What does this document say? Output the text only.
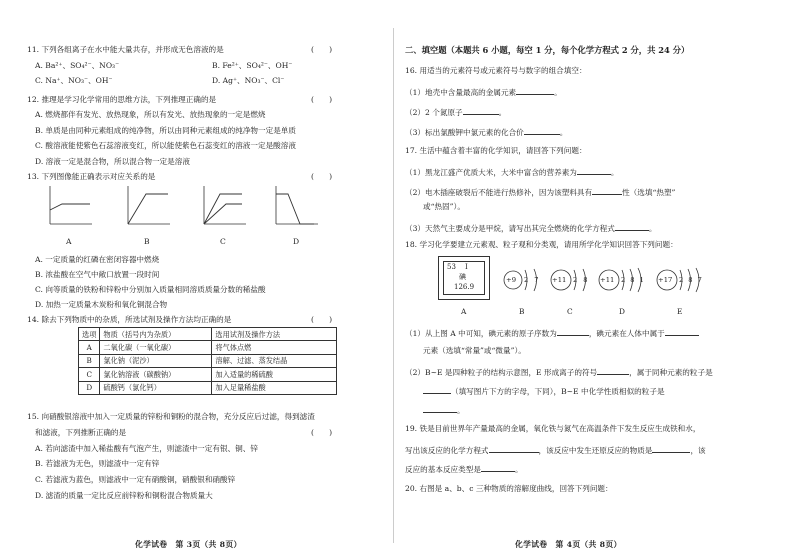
11. 下列各组离子在水中能大量共存，并形成无色溶液的是	(　　)
A. Ba²⁺、SO₄²⁻、NO₃⁻	B. Fe²⁺、SO₄²⁻、OH⁻
C. Na⁺、NO₃⁻、OH⁻	D. Ag⁺、NO₃⁻、Cl⁻
12. 推理是学习化学常用的思维方法，下列推理正确的是	(　　)
A. 燃烧都伴有发光、放热现象，所以有发光、放热现象的一定是燃烧
B. 单质是由同种元素组成的纯净物，所以由同种元素组成的纯净物一定是单质
C. 酸溶液能使紫色石蕊溶液变红，所以能使紫色石蕊变红的溶液一定是酸溶液
D. 溶液一定是混合物，所以混合物一定是溶液
13. 下列图像能正确表示对应关系的是	(　　)
A	B	C	D
A. 一定质量的红磷在密闭容器中燃烧
B. 浓盐酸在空气中敞口放置一段时间
C. 向等质量的铁粉和锌粉中分别加入质量相同溶质质量分数的稀盐酸
D. 加热一定质量木炭粉和氧化铜混合物
14. 除去下列物质中的杂质，所选试剂及操作方法均正确的是	(　　)
选项	物质（括号内为杂质）	选用试剂及操作方法
A	二氧化碳（一氧化碳）	将气体点燃
B	氯化钠（泥沙）	溶解、过滤、蒸发结晶
C	氯化钠溶液（碳酸钠）	加入适量的稀硫酸
D	硫酸钙（氯化钙）	加入足量稀盐酸
15. 向硝酸银溶液中加入一定质量的锌粉和铜粉的混合物，充分反应后过滤，得到滤渣
和滤液，下列推断正确的是	(　　)
A. 若向滤渣中加入稀盐酸有气泡产生，则滤渣中一定有银、铜、锌
B. 若滤液为无色，则滤渣中一定有锌
C. 若滤液为蓝色，则滤液中一定有硝酸铜，硝酸银和硝酸锌
D. 滤渣的质量一定比反应前锌粉和铜粉混合物质量大
化学试卷　第 3页（共 8页）
二、填空题（本题共 6 小题，每空 1 分，每个化学方程式 2 分，共 24 分）
16. 用适当的元素符号或元素符号与数字的组合填空：
（1）地壳中含量最高的金属元素	。
（2）2 个氮原子	。
（3）标出氯酸钾中氯元素的化合价	。
17. 生活中蕴含着丰富的化学知识，请回答下列问题：
（1）黑龙江盛产优质大米，大米中富含的营养素为	。
（2）电木插座破裂后不能进行热修补，因为该塑料具有	性（选填“热塑”
或“热固”）。
（3）天然气主要成分是甲烷，请写出其完全燃烧的化学方程式	。
18. 学习化学要建立元素观、粒子观和分类观，请用所学化学知识回答下列问题：
53 I
碘
126.9
A
+9 2 7
B
+11 2 8
C
+11 2 8 1
D
+17 2 8 7
E
（1）从上图 A 中可知，碘元素的原子序数为	，碘元素在人体中属于
元素（选填“常量”或“微量”）。
（2）B~E 是四种粒子的结构示意图，E 形成离子的符号	，属于同种元素的粒子是
（填写图片下方的字母，下同），B~E 中化学性质相似的粒子是
。
19. 铁是目前世界年产量最高的金属，氧化铁与氮气在高温条件下发生反应生成铁和水，
写出该反应的化学方程式	，该反应中发生还原反应的物质是	，该
反应的基本反应类型是	。
20. 右图是 a、b、c 三种物质的溶解度曲线，回答下列问题：
化学试卷　第 4页（共 8页）
